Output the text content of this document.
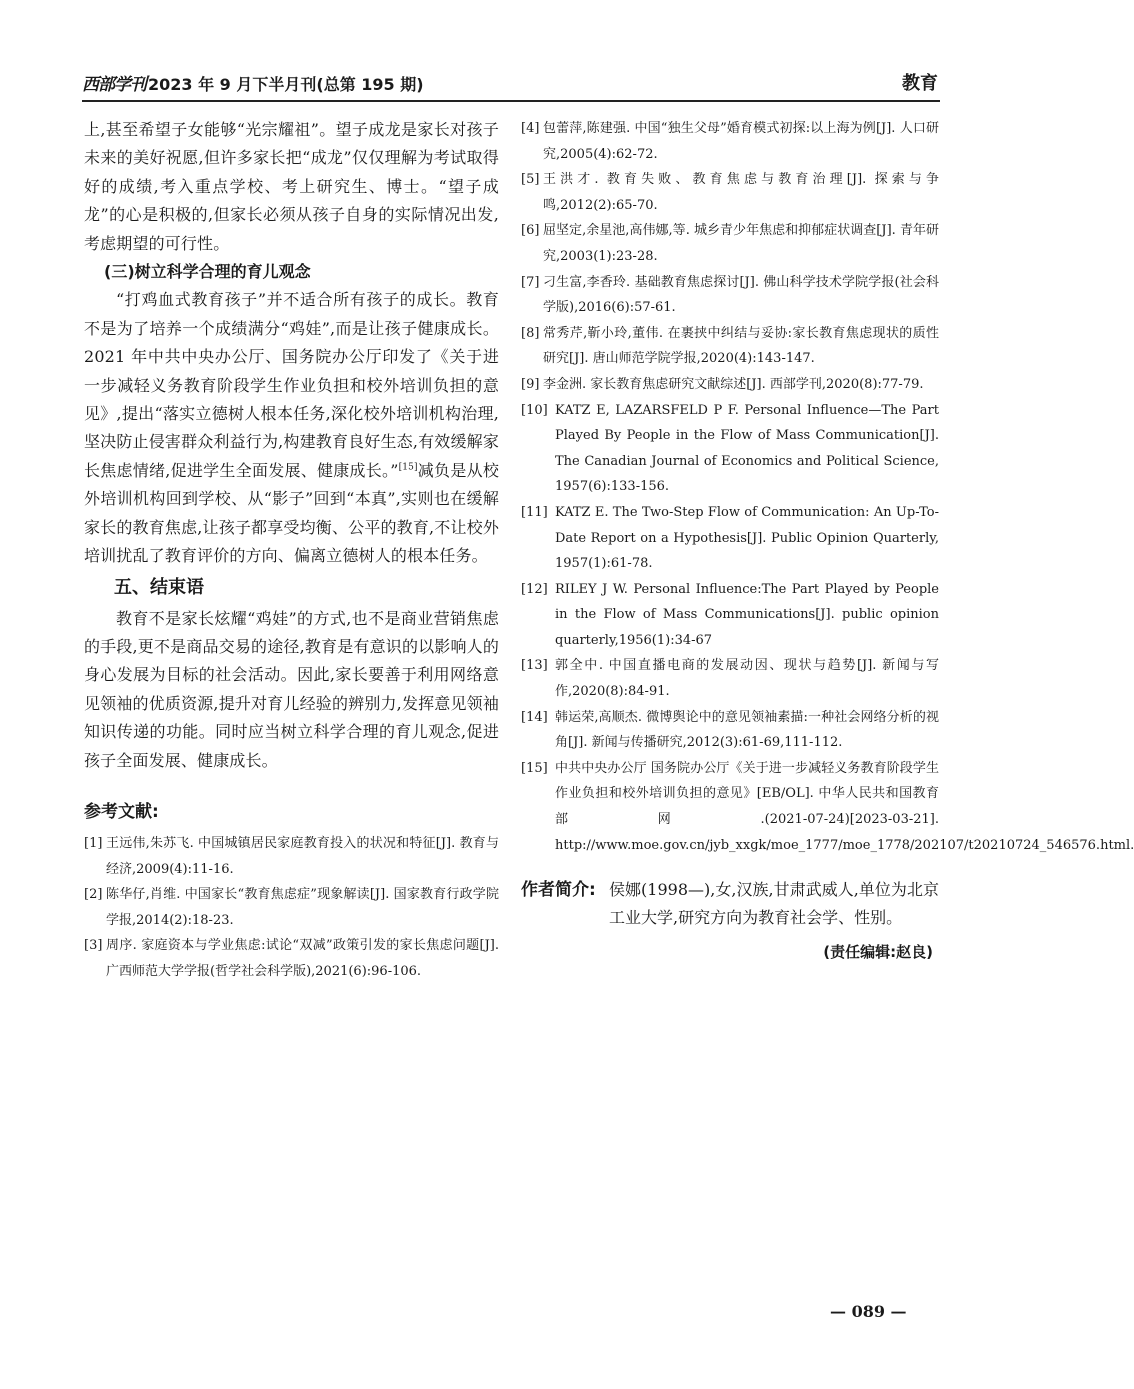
西部学刊 2023 年 9 月下半月刊(总第 195 期)	教育

上,甚至希望子女能够“光宗耀祖”。望子成龙是家长对孩子未来的美好祝愿,但许多家长把“成龙”仅仅理解为考试取得好的成绩,考入重点学校、考上研究生、博士。“望子成龙”的心是积极的,但家长必须从孩子自身的实际情况出发,考虑期望的可行性。

(三)树立科学合理的育儿观念

“打鸡血式教育孩子”并不适合所有孩子的成长。教育不是为了培养一个成绩满分“鸡娃”,而是让孩子健康成长。2021 年中共中央办公厅、国务院办公厅印发了《关于进一步减轻义务教育阶段学生作业负担和校外培训负担的意见》,提出“落实立德树人根本任务,深化校外培训机构治理,坚决防止侵害群众利益行为,构建教育良好生态,有效缓解家长焦虑情绪,促进学生全面发展、健康成长。”[15]减负是从校外培训机构回到学校、从“影子”回到“本真”,实则也在缓解家长的教育焦虑,让孩子都享受均衡、公平的教育,不让校外培训扰乱了教育评价的方向、偏离立德树人的根本任务。

五、结束语

教育不是家长炫耀“鸡娃”的方式,也不是商业营销焦虑的手段,更不是商品交易的途径,教育是有意识的以影响人的身心发展为目标的社会活动。因此,家长要善于利用网络意见领袖的优质资源,提升对育儿经验的辨别力,发挥意见领袖知识传递的功能。同时应当树立科学合理的育儿观念,促进孩子全面发展、健康成长。

参考文献:

[1] 王远伟,朱苏飞. 中国城镇居民家庭教育投入的状况和特征[J]. 教育与经济,2009(4):11-16.

[2] 陈华仔,肖维. 中国家长“教育焦虑症”现象解读[J]. 国家教育行政学院学报,2014(2):18-23.

[3] 周序. 家庭资本与学业焦虑:试论“双减”政策引发的家长焦虑问题[J]. 广西师范大学学报(哲学社会科学版),2021(6):96-106.

[4] 包蕾萍,陈建强. 中国“独生父母”婚育模式初探:以上海为例[J]. 人口研究,2005(4):62-72.

[5] 王洪才. 教育失败、教育焦虑与教育治理[J]. 探索与争鸣,2012(2):65-70.

[6] 屈坚定,余星池,高伟娜,等. 城乡青少年焦虑和抑郁症状调查[J]. 青年研究,2003(1):23-28.

[7] 刁生富,李香玲. 基础教育焦虑探讨[J]. 佛山科学技术学院学报(社会科学版),2016(6):57-61.

[8] 常秀芹,靳小玲,董伟. 在裹挟中纠结与妥协:家长教育焦虑现状的质性研究[J]. 唐山师范学院学报,2020(4):143-147.

[9] 李金洲. 家长教育焦虑研究文献综述[J]. 西部学刊,2020(8):77-79.

[10] KATZ E, LAZARSFELD P F. Personal Influence—The Part Played By People in the Flow of Mass Communication[J]. The Canadian Journal of Economics and Political Science, 1957(6):133-156.

[11] KATZ E. The Two-Step Flow of Communication: An Up-To-Date Report on a Hypothesis[J]. Public Opinion Quarterly, 1957(1):61-78.

[12] RILEY J W. Personal Influence:The Part Played by People in the Flow of Mass Communications[J]. public opinion quarterly,1956(1):34-67

[13] 郭全中. 中国直播电商的发展动因、现状与趋势[J]. 新闻与写作,2020(8):84-91.

[14] 韩运荣,高顺杰. 微博舆论中的意见领袖素描:一种社会网络分析的视角[J]. 新闻与传播研究,2012(3):61-69,111-112.

[15] 中共中央办公厅 国务院办公厅《关于进一步减轻义务教育阶段学生作业负担和校外培训负担的意见》[EB/OL]. 中华人民共和国教育部网.(2021-07-24)[2023-03-21]. http://www.moe.gov.cn/jyb_xxgk/moe_1777/moe_1778/202107/t20210724_546576.html.

作者简介: 侯娜(1998—),女,汉族,甘肃武威人,单位为北京工业大学,研究方向为教育社会学、性别。

(责任编辑:赵良)

— 089 —
